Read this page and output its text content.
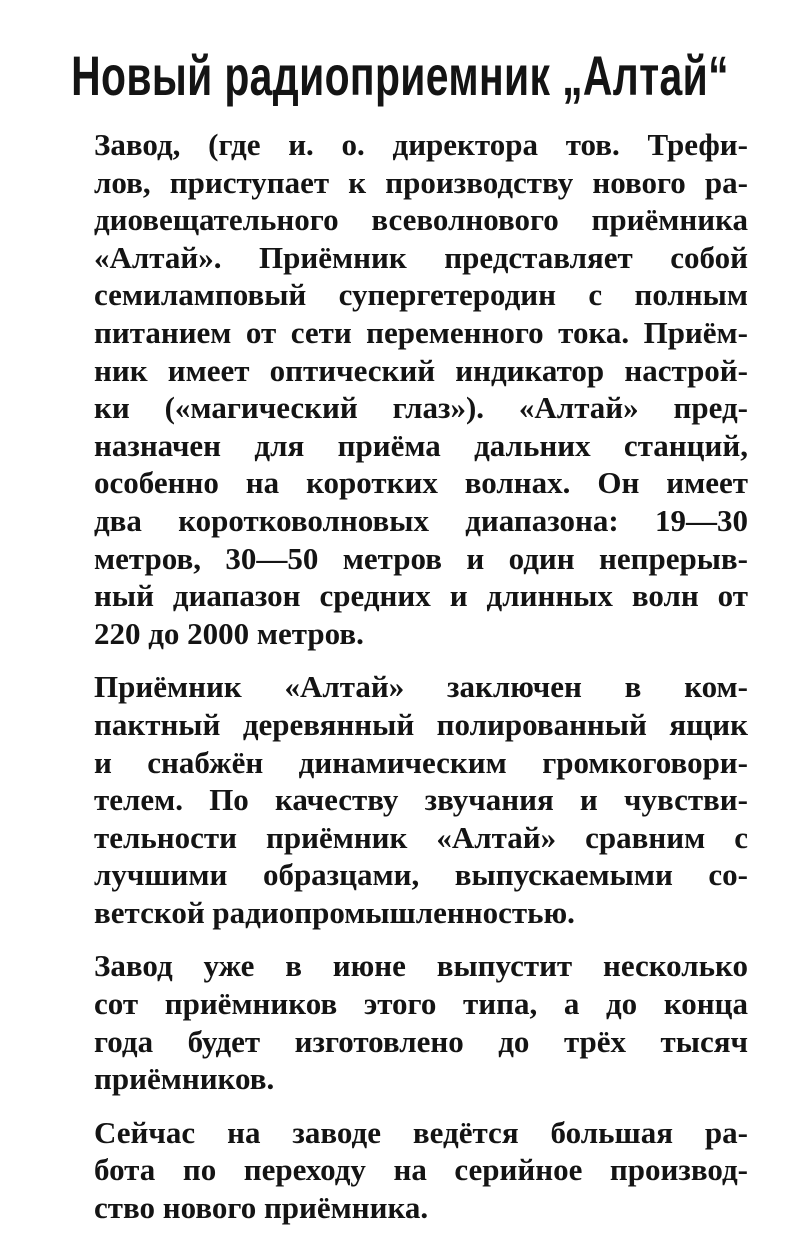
Новый радиоприемник „Алтай“

Завод, (где и. о. директора тов. Трефи-
лов, приступает к производству нового ра-
диовещательного всеволнового приёмника
«Алтай». Приёмник представляет собой
семиламповый супергетеродин с полным
питанием от сети переменного тока. Приём-
ник имеет оптический индикатор настрой-
ки («магический глаз»). «Алтай» пред-
назначен для приёма дальних станций,
особенно на коротких волнах. Он имеет
два коротковолновых диапазона: 19—30
метров, 30—50 метров и один непрерыв-
ный диапазон средних и длинных волн от
220 до 2000 метров.

Приёмник «Алтай» заключен в ком-
пактный деревянный полированный ящик
и снабжён динамическим громкоговори-
телем. По качеству звучания и чувстви-
тельности приёмник «Алтай» сравним с
лучшими образцами, выпускаемыми со-
ветской радиопромышленностью.

Завод уже в июне выпустит несколько
сот приёмников этого типа, а до конца
года будет изготовлено до трёх тысяч
приёмников.

Сейчас на заводе ведётся большая ра-
бота по переходу на серийное производ-
ство нового приёмника.
